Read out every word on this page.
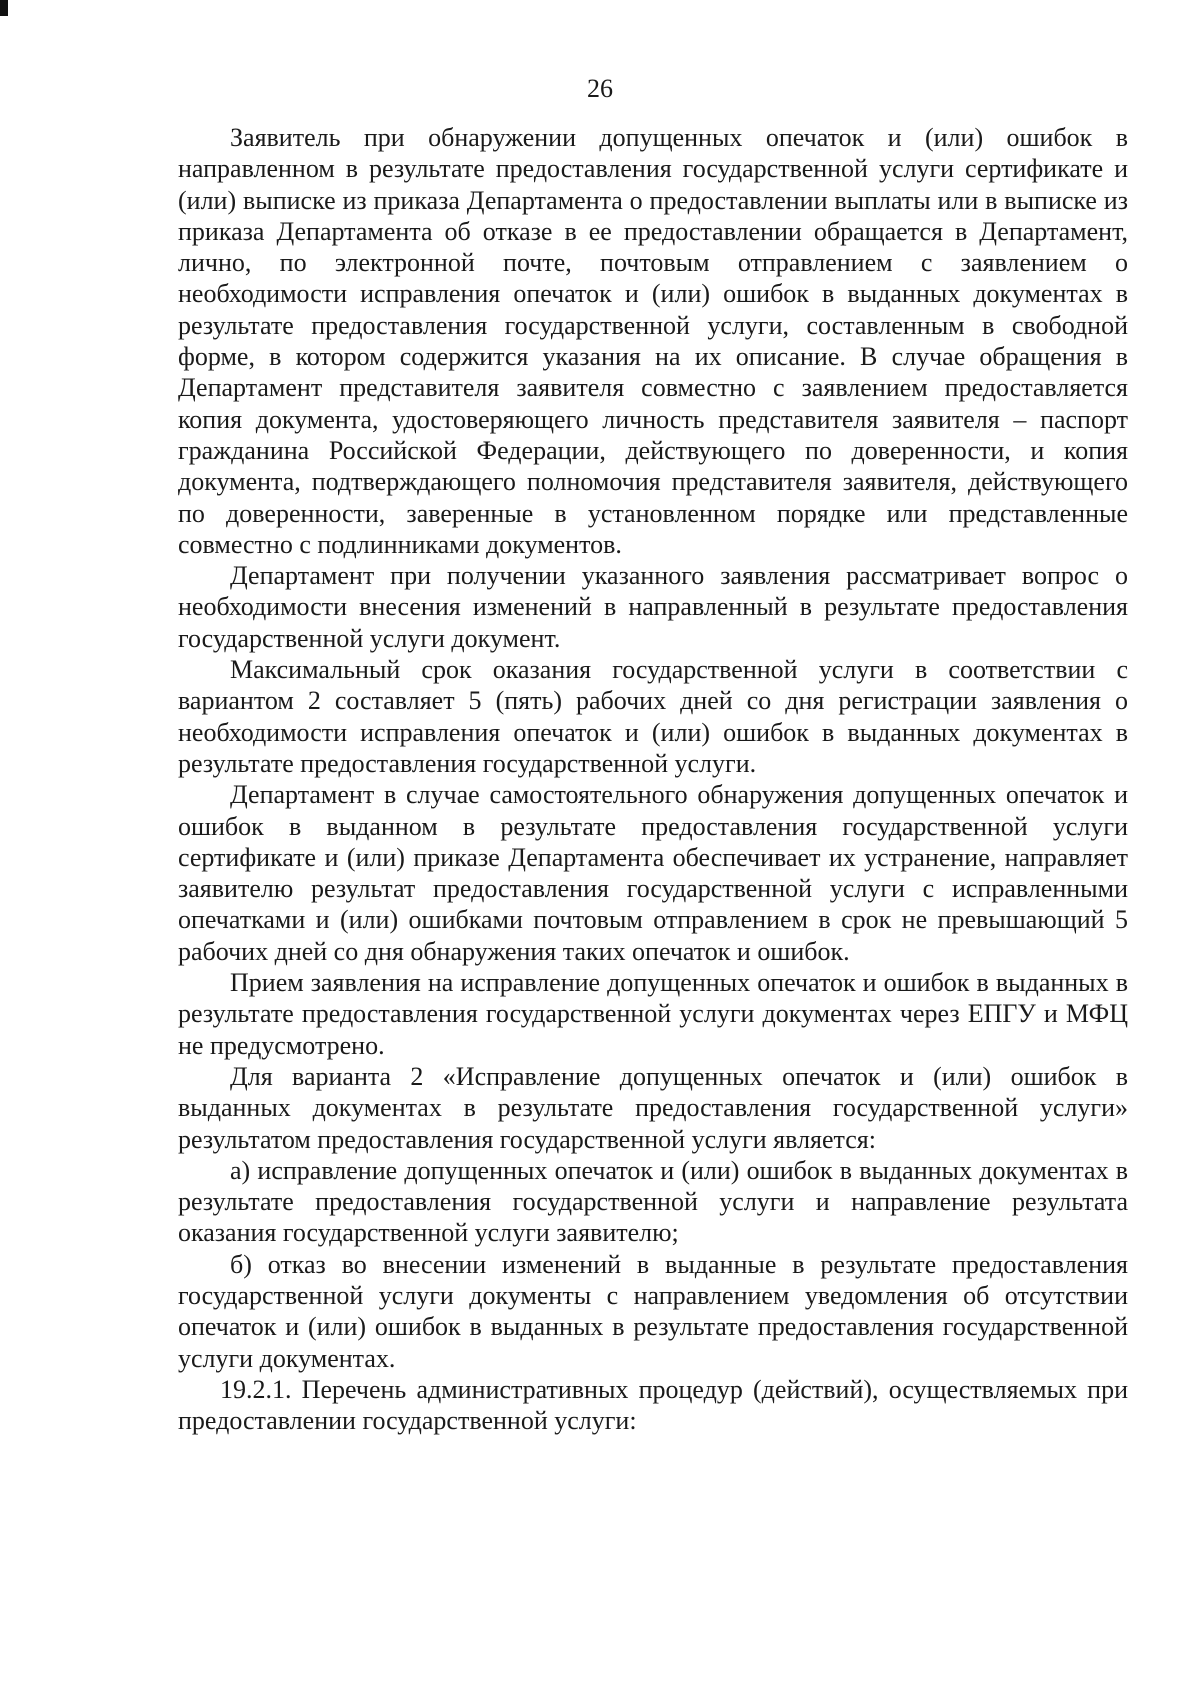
26

Заявитель при обнаружении допущенных опечаток и (или) ошибок в направленном в результате предоставления государственной услуги сертификате и (или) выписке из приказа Департамента о предоставлении выплаты или в выписке из приказа Департамента об отказе в ее предоставлении обращается в Департамент, лично, по электронной почте, почтовым отправлением с заявлением о необходимости исправления опечаток и (или) ошибок в выданных документах в результате предоставления государственной услуги, составленным в свободной форме, в котором содержится указания на их описание. В случае обращения в Департамент представителя заявителя совместно с заявлением предоставляется копия документа, удостоверяющего личность представителя заявителя – паспорт гражданина Российской Федерации, действующего по доверенности, и копия документа, подтверждающего полномочия представителя заявителя, действующего по доверенности, заверенные в установленном порядке или представленные совместно с подлинниками документов.

Департамент при получении указанного заявления рассматривает вопрос о необходимости внесения изменений в направленный в результате предоставления государственной услуги документ.

Максимальный срок оказания государственной услуги в соответствии с вариантом 2 составляет 5 (пять) рабочих дней со дня регистрации заявления о необходимости исправления опечаток и (или) ошибок в выданных документах в результате предоставления государственной услуги.

Департамент в случае самостоятельного обнаружения допущенных опечаток и ошибок в выданном в результате предоставления государственной услуги сертификате и (или) приказе Департамента обеспечивает их устранение, направляет заявителю результат предоставления государственной услуги с исправленными опечатками и (или) ошибками почтовым отправлением в срок не превышающий 5 рабочих дней со дня обнаружения таких опечаток и ошибок.

Прием заявления на исправление допущенных опечаток и ошибок в выданных в результате предоставления государственной услуги документах через ЕПГУ и МФЦ не предусмотрено.

Для варианта 2 «Исправление допущенных опечаток и (или) ошибок в выданных документах в результате предоставления государственной услуги» результатом предоставления государственной услуги является:

а) исправление допущенных опечаток и (или) ошибок в выданных документах в результате предоставления государственной услуги и направление результата оказания государственной услуги заявителю;

б) отказ во внесении изменений в выданные в результате предоставления государственной услуги документы с направлением уведомления об отсутствии опечаток и (или) ошибок в выданных в результате предоставления государственной услуги документах.

19.2.1. Перечень административных процедур (действий), осуществляемых при предоставлении государственной услуги:
